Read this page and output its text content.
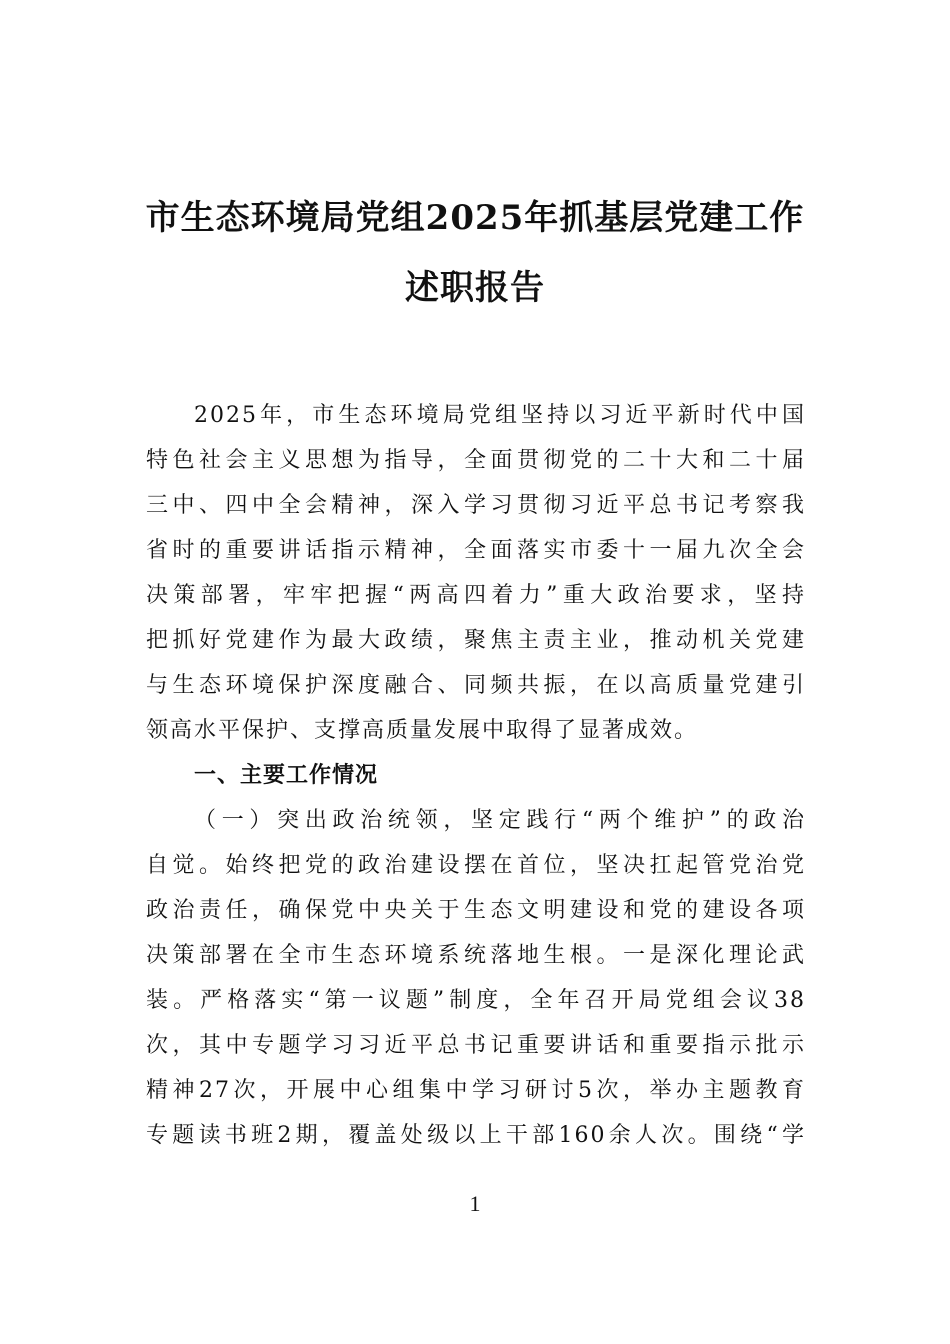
市生态环境局党组2025年抓基层党建工作
述职报告
2025年，市生态环境局党组坚持以习近平新时代中国
特色社会主义思想为指导，全面贯彻党的二十大和二十届
三中、四中全会精神，深入学习贯彻习近平总书记考察我
省时的重要讲话指示精神，全面落实市委十一届九次全会
决策部署，牢牢把握“两高四着力”重大政治要求，坚持
把抓好党建作为最大政绩，聚焦主责主业，推动机关党建
与生态环境保护深度融合、同频共振，在以高质量党建引
领高水平保护、支撑高质量发展中取得了显著成效。
一、主要工作情况
（一）突出政治统领，坚定践行“两个维护”的政治
自觉。始终把党的政治建设摆在首位，坚决扛起管党治党
政治责任，确保党中央关于生态文明建设和党的建设各项
决策部署在全市生态环境系统落地生根。一是深化理论武
装。严格落实“第一议题”制度，全年召开局党组会议38
次，其中专题学习习近平总书记重要讲话和重要指示批示
精神27次，开展中心组集中学习研讨5次，举办主题教育
专题读书班2期，覆盖处级以上干部160余人次。围绕“学
1
